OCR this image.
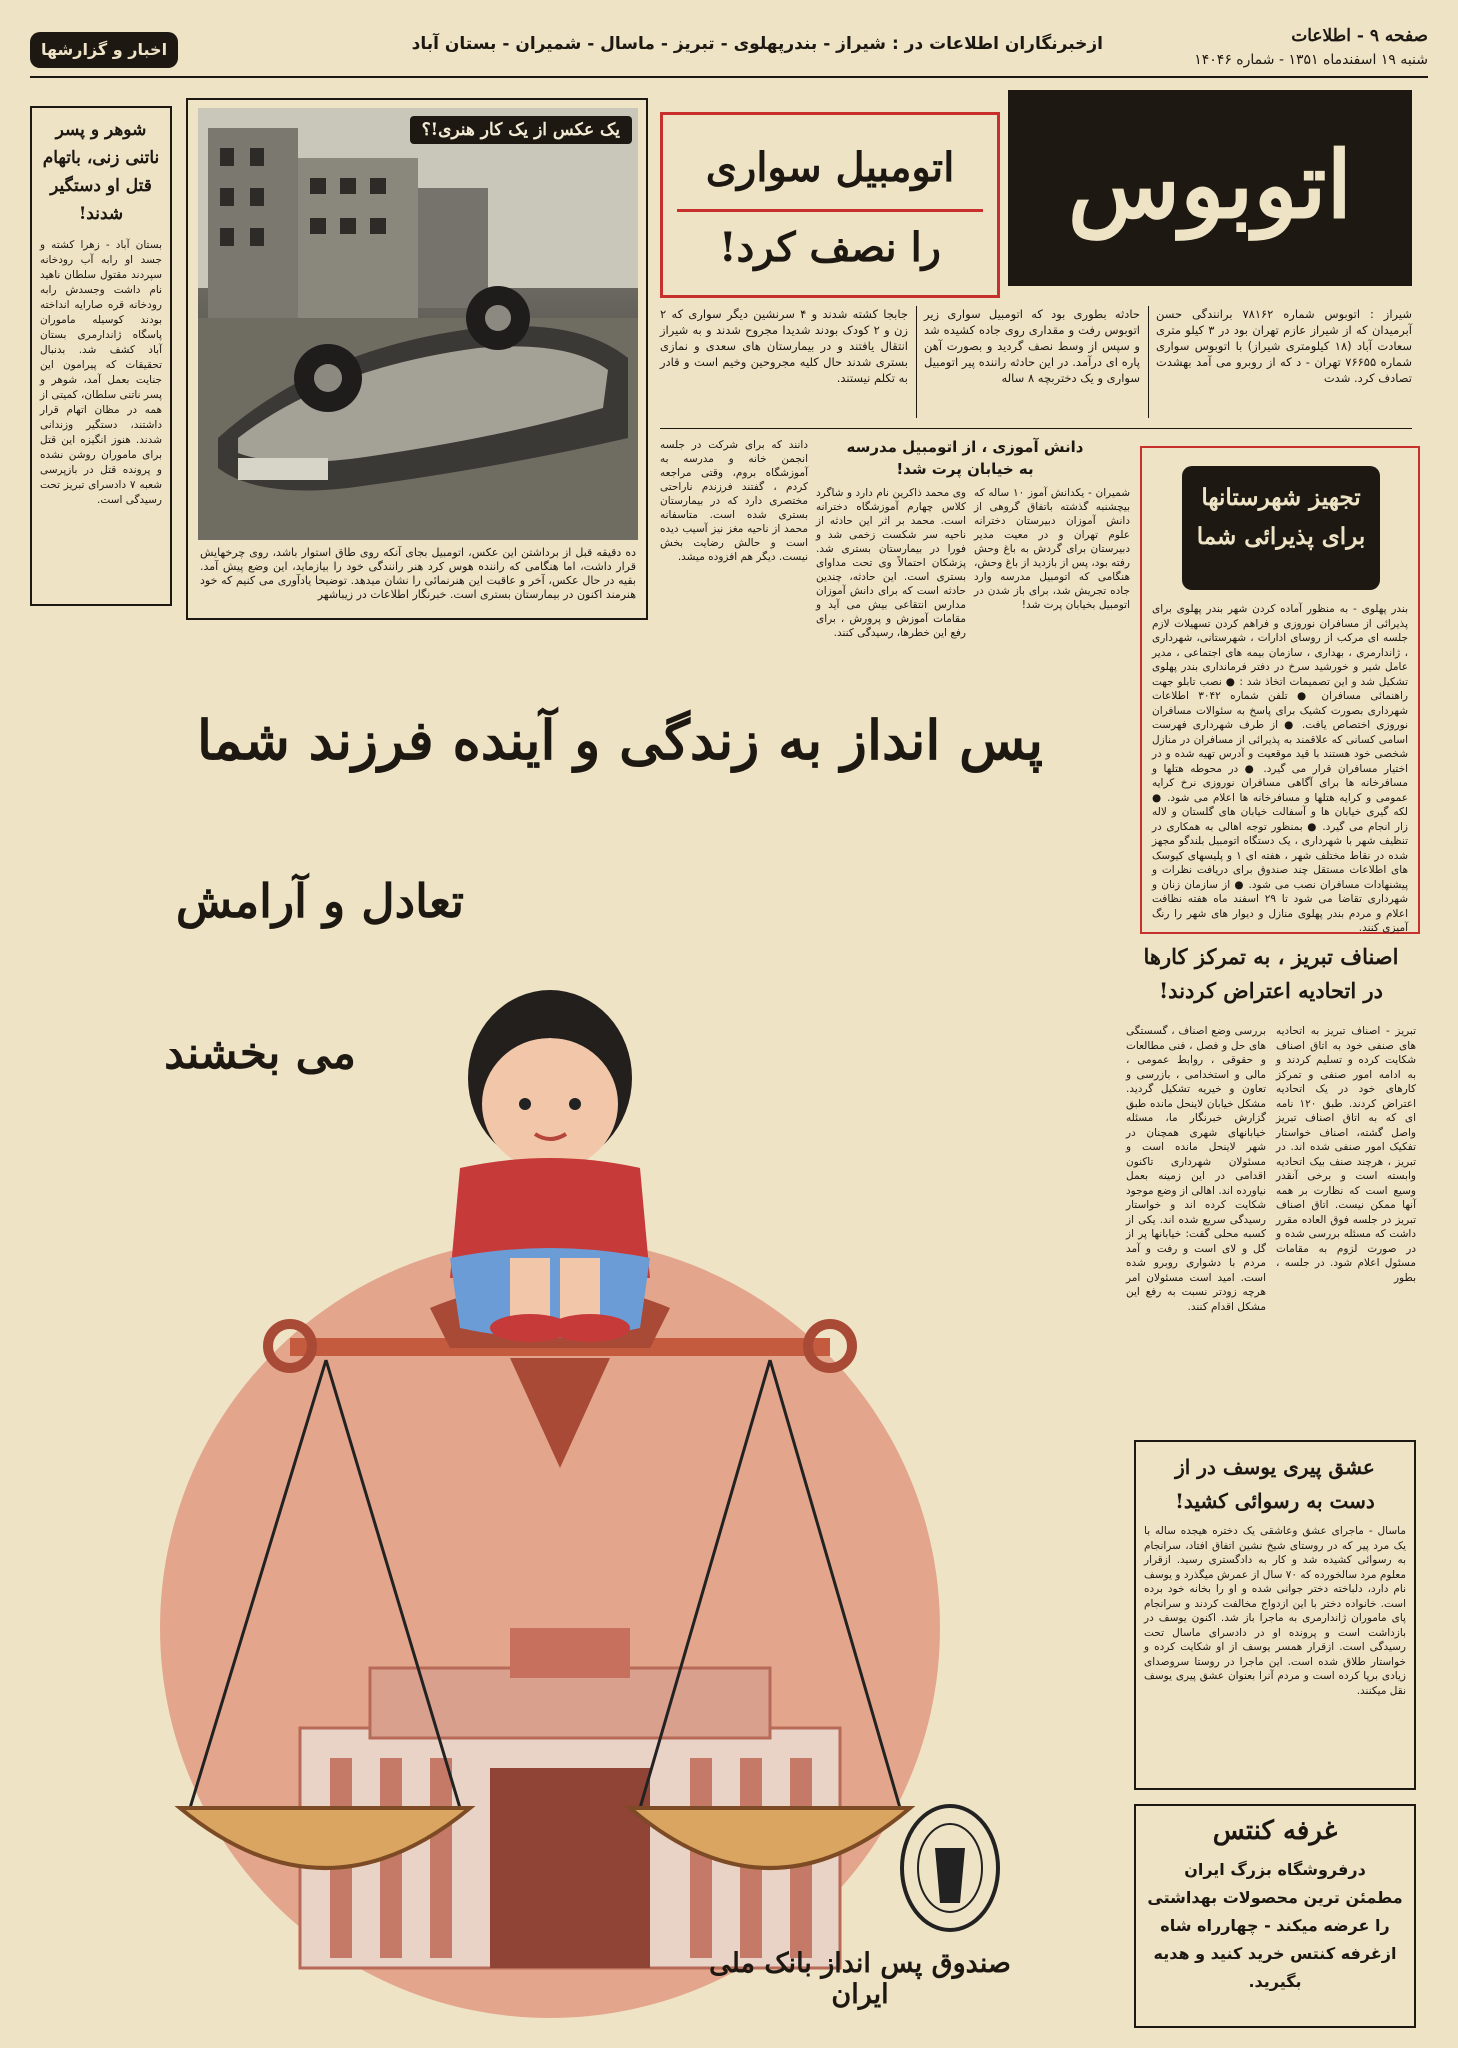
صفحه ۹ - اطلاعات
شنبه ۱۹ اسفندماه ۱۳۵۱ - شماره ۱۴۰۴۶
ازخبرنگاران اطلاعات در : شیراز - بندرپهلوی - تبریز - ماسال - شمیران - بستان آباد
اخبار و گزارشها
شوهر و پسر ناتنی زنی، باتهام قتل او دستگیر شدند!
بستان آباد - زهرا کشته و جسد او رابه آب رودخانه سپردند مقتول سلطان ناهید نام داشت وجسدش رابه رودخانه قره صارایه انداخته بودند کوسیله ماموران پاسگاه ژاندارمری بستان آباد کشف شد. بدنبال تحقیقات که پیرامون این جنایت بعمل آمد، شوهر و پسر ناتنی سلطان، کمیتی از همه در مظان اتهام قرار داشتند، دستگیر وزندانی شدند. هنوز انگیزه این قتل برای ماموران روشن نشده و پرونده قتل در بازپرسی شعبه ۷ دادسرای تبریز تحت رسیدگی است.
یک عکس از یک کار هنری!؟
ده دقیقه قبل از برداشتن این عکس، اتومبیل بجای آنکه روی طاق استوار باشد، روی چرخهایش قرار داشت، اما هنگامی که راننده هوس کرد هنر رانندگی خود را بیازماید، این وضع پیش آمد. بقیه در حال عکس، آخر و عاقبت این هنرنمائی را نشان میدهد. توضیحا یادآوری می کنیم که خود هنرمند اکنون در بیمارستان بستری است. خبرنگار اطلاعات در زیباشهر
اتوبوس
اتومبیل سواری
را نصف کرد!
شیراز : اتوبوس شماره ۷۸۱۶۲ برانندگی حسن آبرمیدان که از شیراز عازم تهران بود در ۳ کیلو متری سعادت آباد (۱۸ کیلومتری شیراز) با اتوبوس سواری شماره ۷۶۶۵۵ تهران - د که از روبرو می آمد بهشدت تصادف کرد. شدت
حادثه بطوری بود که اتومبیل سواری زیر اتوبوس رفت و مقداری روی جاده کشیده شد و سپس از وسط نصف گردید و بصورت آهن پاره ای درآمد. در این حادثه راننده پیر اتومبیل سواری و یک دختربچه ۸ ساله
جابجا کشته شدند و ۴ سرنشین دیگر سواری که ۲ زن و ۲ کودک بودند شدیدا مجروح شدند و به شیراز انتقال یافتند و در بیمارستان های سعدی و نمازی بستری شدند حال کلیه مجروحین وخیم است و قادر به تکلم نیستند.
دانش آموزی ، از اتومبیل مدرسه
به خیابان پرت شد!
شمیران - یکدانش آموز ۱۰ ساله که بیچشنبه گذشته باتفاق گروهی از دانش آموزان دبیرستان دخترانه علوم تهران و در معیت مدیر دبیرستان برای گردش به باغ وحش رفته بود، پس از بازدید از باغ وحش، هنگامی که اتومبیل مدرسه وارد جاده تجریش شد، برای باز شدن در اتومبیل بخیابان پرت شد!
وی محمد ذاکرین نام دارد و شاگرد کلاس چهارم آموزشگاه دخترانه است. محمد بر اثر این حادثه از ناحیه سر شکست زخمی شد و فورا در بیمارستان بستری شد. پزشکان احتمالاً وی تحت مداوای بستری است. این حادثه، چندین حادثه است که برای دانش آموزان مدارس انتقاعی بیش می آید و مقامات آموزش و پرورش ، برای رفع این خطرها، رسیدگی کنند.
دانند که برای شرکت در جلسه انجمن خانه و مدرسه به آموزشگاه بروم، وقتی مراجعه کردم ، گفتند فرزندم ناراحتی مختصری دارد که در بیمارستان بستری شده است. متاسفانه محمد از ناحیه مغز نیز آسیب دیده است و حالش رضایت بخش نیست. دیگر هم افزوده میشد.
تجهیز شهرستانها
برای پذیرائی شما
بندر پهلوی - به منظور آماده کردن شهر بندر پهلوی برای پذیرائی از مسافران نوروزی و فراهم کردن تسهیلات لازم جلسه ای مرکب از روسای ادارات ، شهرستانی، شهرداری ، ژاندارمری ، بهداری ، سازمان بیمه های اجتماعی ، مدیر عامل شیر و خورشید سرخ در دفتر فرمانداری بندر پهلوی تشکیل شد و این تصمیمات اتخاذ شد : ● نصب تابلو جهت راهنمائی مسافران ● تلفن شماره ۳۰۴۲ اطلاعات شهرداری بصورت کشیک برای پاسخ به سئوالات مسافران نوروزی اختصاص یافت. ● از طرف شهرداری فهرست اسامی کسانی که علاقمند به پذیرائی از مسافران در منازل شخصی خود هستند با قید موقعیت و آدرس تهیه شده و در اختیار مسافران قرار می گیرد. ● در محوطه هتلها و مسافرخانه ها برای آگاهی مسافران نوروزی نرخ کرایه عمومی و کرایه هتلها و مسافرخانه ها اعلام می شود. ● لکه گیری خیابان ها و آسفالت خیابان های گلستان و لاله زار انجام می گیرد. ● بمنظور توجه اهالی به همکاری در تنظیف شهر با شهرداری ، یک دستگاه اتومبیل بلندگو مجهز شده در نقاط مختلف شهر ، هفته ای ۱ و پلیسهای کیوسک های اطلاعات مستقل چند صندوق برای دریافت نظرات و پیشنهادات مسافران نصب می شود. ● از سازمان زنان و شهرداری تقاضا می شود تا ۲۹ اسفند ماه هفته نظافت اعلام و مردم بندر پهلوی منازل و دیوار های شهر را رنگ آمیزی کنند.
اصناف تبریز ، به تمرکز کارها
در اتحادیه اعتراض کردند!
تبریز - اصناف تبریز به اتحادیه های صنفی خود به اتاق اصناف شکایت کرده و تسلیم کردند و به ادامه امور صنفی و تمرکز کارهای خود در یک اتحادیه اعتراض کردند. طبق ۱۲۰ نامه ای که به اتاق اصناف تبریز واصل گشته، اصناف خواستار تفکیک امور صنفی شده اند. در تبریز ، هرچند صنف بیک اتحادیه وابسته است و برخی آنقدر وسیع است که نظارت بر همه آنها ممکن نیست. اتاق اصناف تبریز در جلسه فوق العاده مقرر داشت که مسئله بررسی شده و در صورت لزوم به مقامات مسئول اعلام شود. در جلسه ، بطور
بررسی وضع اصناف ، گسستگی های حل و فصل ، فنی مطالعات و حقوقی ، روابط عمومی ، مالی و استخدامی ، بازرسی و تعاون و خیریه تشکیل گردید. مشکل خیابان لاینحل مانده طبق گزارش خبرنگار ما، مسئله خیابانهای شهری همچنان در شهر لاینحل مانده است و مسئولان شهرداری تاکنون اقدامی در این زمینه بعمل نیاورده اند. اهالی از وضع موجود شکایت کرده اند و خواستار رسیدگی سریع شده اند. یکی از کسبه محلی گفت: خیابانها پر از گل و لای است و رفت و آمد مردم با دشواری روبرو شده است. امید است مسئولان امر هرچه زودتر نسبت به رفع این مشکل اقدام کنند.
عشق پیری یوسف در از
دست به رسوائی کشید!
ماسال - ماجرای عشق وعاشقی یک دختره هیجده ساله با یک مرد پیر که در روستای شیخ نشین اتفاق افتاد، سرانجام به رسوائی کشیده شد و کار به دادگستری رسید. ازقرار معلوم مرد سالخورده که ۷۰ سال از عمرش میگذرد و یوسف نام دارد، دلباخته دختر جوانی شده و او را بخانه خود برده است. خانواده دختر با این ازدواج مخالفت کردند و سرانجام پای ماموران ژاندارمری به ماجرا باز شد. اکنون یوسف در بازداشت است و پرونده او در دادسرای ماسال تحت رسیدگی است. ازقرار همسر یوسف از او شکایت کرده و خواستار طلاق شده است. این ماجرا در روستا سروصدای زیادی برپا کرده است و مردم آنرا بعنوان عشق پیری یوسف نقل میکنند.
غرفه کنتس
درفروشگاه بزرگ ایران
مطمئن ترین محصولات بهداشتی
را عرضه میکند - چهارراه شاه
ازغرفه کنتس خرید کنید و هدیه
بگیرید.
پس انداز به زندگی و آینده فرزند شما
تعادل و آرامش
می بخشند
صندوق پس انداز بانک ملی ایران
